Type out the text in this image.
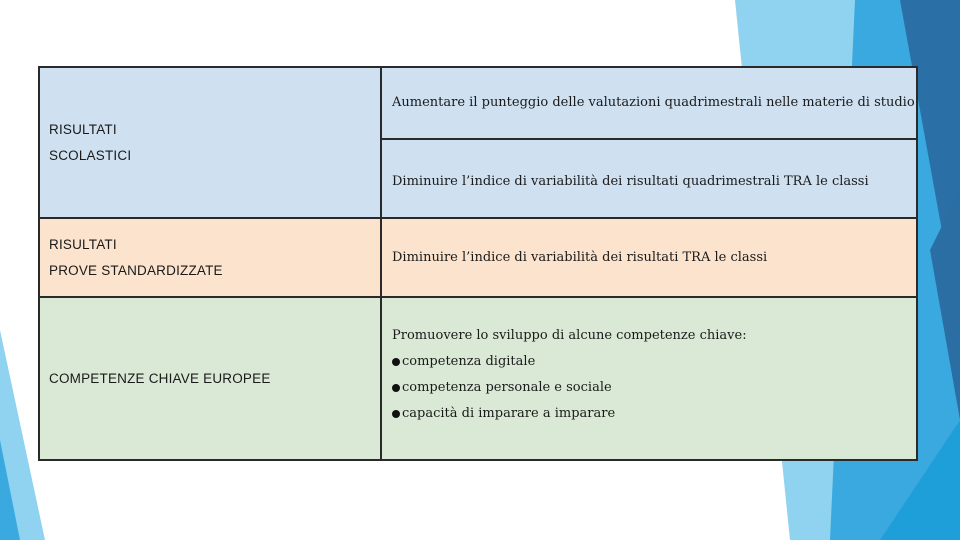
RISULTATI
SCOLASTICI
Aumentare il punteggio delle valutazioni quadrimestrali nelle materie di studio
Diminuire l’indice di variabilità dei risultati quadrimestrali TRA le classi
RISULTATI
PROVE STANDARDIZZATE
Diminuire l’indice di variabilità dei risultati TRA le classi
COMPETENZE CHIAVE EUROPEE
Promuovere lo sviluppo di alcune competenze chiave:
competenza digitale
competenza personale e sociale
capacità di imparare a imparare
